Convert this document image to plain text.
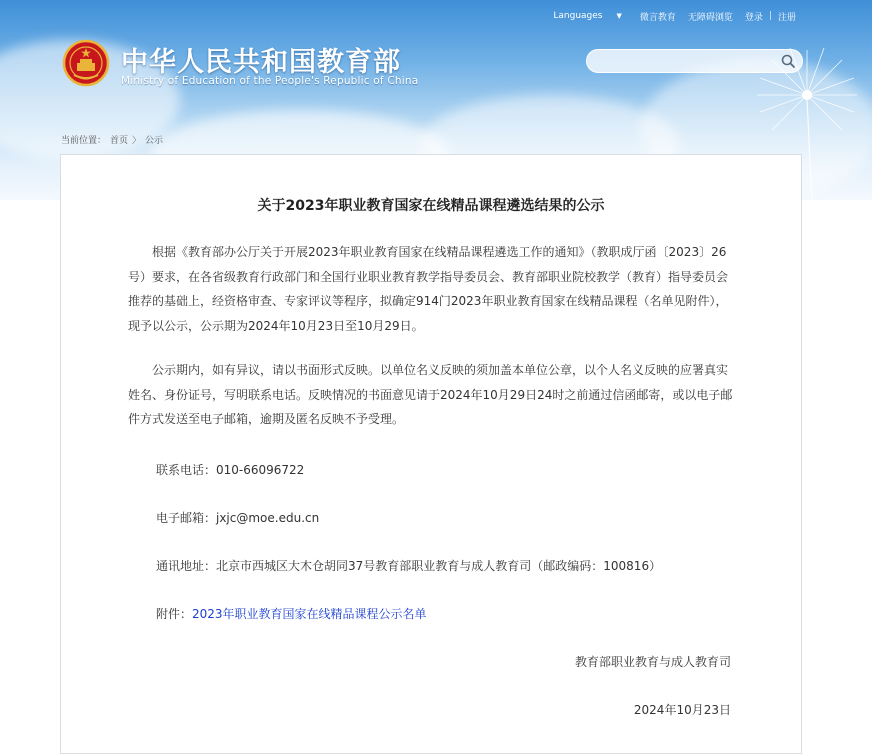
Languages ▼	微言教育	无障碍浏览	登录 | 注册
中华人民共和国教育部
Ministry of Education of the People's Republic of China
当前位置： 首页 〉 公示
关于2023年职业教育国家在线精品课程遴选结果的公示

根据《教育部办公厅关于开展2023年职业教育国家在线精品课程遴选工作的通知》（教职成厅函〔2023〕26号）要求，在各省级教育行政部门和全国行业职业教育教学指导委员会、教育部职业院校教学（教育）指导委员会推荐的基础上，经资格审查、专家评议等程序，拟确定914门2023年职业教育国家在线精品课程（名单见附件），现予以公示，公示期为2024年10月23日至10月29日。

公示期内，如有异议，请以书面形式反映。以单位名义反映的须加盖本单位公章，以个人名义反映的应署真实姓名、身份证号，写明联系电话。反映情况的书面意见请于2024年10月29日24时之前通过信函邮寄，或以电子邮件方式发送至电子邮箱，逾期及匿名反映不予受理。

联系电话：010-66096722
电子邮箱：jxjc@moe.edu.cn
通讯地址：北京市西城区大木仓胡同37号教育部职业教育与成人教育司（邮政编码：100816）
附件：2023年职业教育国家在线精品课程公示名单
教育部职业教育与成人教育司
2024年10月23日
